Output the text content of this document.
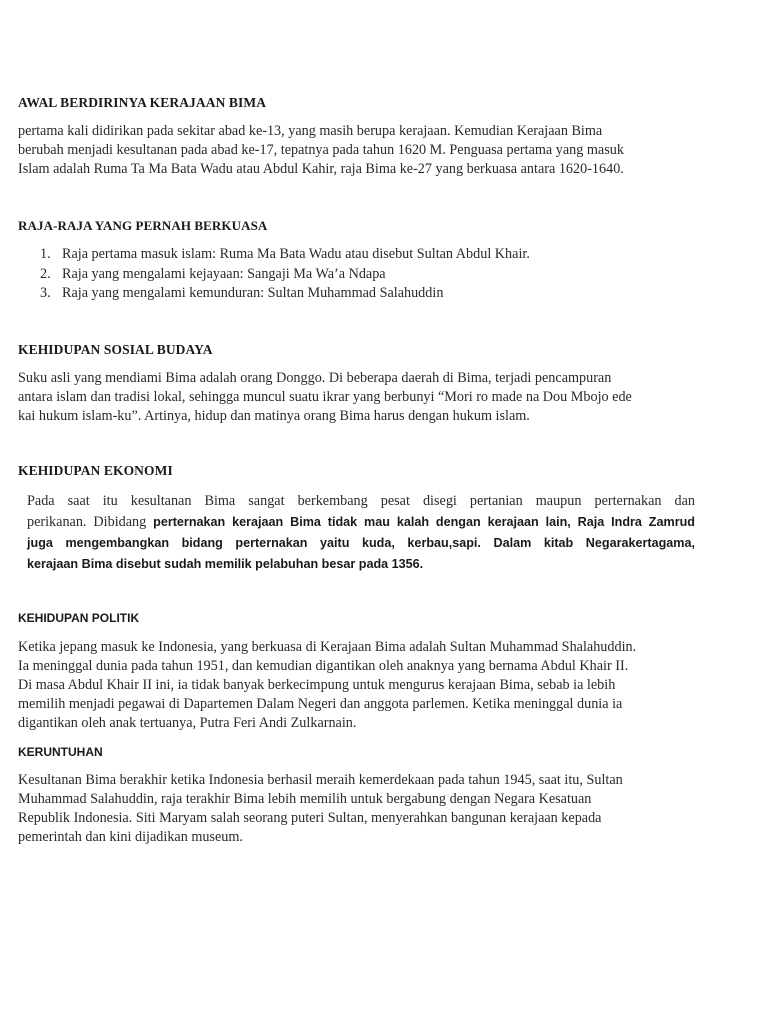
AWAL BERDIRINYA KERAJAAN BIMA

pertama kali didirikan pada sekitar abad ke-13, yang masih berupa kerajaan. Kemudian Kerajaan Bima
berubah menjadi kesultanan pada abad ke-17, tepatnya pada tahun 1620 M. Penguasa pertama yang masuk
Islam adalah Ruma Ta Ma Bata Wadu atau Abdul Kahir, raja Bima ke-27 yang berkuasa antara 1620-1640.

RAJA-RAJA YANG PERNAH BERKUASA
1. Raja pertama masuk islam: Ruma Ma Bata Wadu atau disebut Sultan Abdul Khair.
2. Raja yang mengalami kejayaan: Sangaji Ma Wa’a Ndapa
3. Raja yang mengalami kemunduran: Sultan Muhammad Salahuddin
KEHIDUPAN SOSIAL BUDAYA

Suku asli yang mendiami Bima adalah orang Donggo. Di beberapa daerah di Bima, terjadi pencampuran
antara islam dan tradisi lokal, sehingga muncul suatu ikrar yang berbunyi “Mori ro made na Dou Mbojo ede
kai hukum islam-ku”. Artinya, hidup dan matinya orang Bima harus dengan hukum islam.

KEHIDUPAN EKONOMI

Pada saat itu kesultanan Bima sangat berkembang pesat disegi pertanian maupun perternakan dan
perikanan. Dibidang perternakan kerajaan Bima tidak mau kalah dengan kerajaan lain, Raja Indra Zamrud
juga mengembangkan bidang perternakan yaitu kuda, kerbau,sapi. Dalam kitab Negarakertagama,
kerajaan Bima disebut sudah memilik pelabuhan besar pada 1356.

KEHIDUPAN POLITIK

Ketika jepang masuk ke Indonesia, yang berkuasa di Kerajaan Bima adalah Sultan Muhammad Shalahuddin.
Ia meninggal dunia pada tahun 1951, dan kemudian digantikan oleh anaknya yang bernama Abdul Khair II.
Di masa Abdul Khair II ini, ia tidak banyak berkecimpung untuk mengurus kerajaan Bima, sebab ia lebih
memilih menjadi pegawai di Dapartemen Dalam Negeri dan anggota parlemen. Ketika meninggal dunia ia
digantikan oleh anak tertuanya, Putra Feri Andi Zulkarnain.

KERUNTUHAN

Kesultanan Bima berakhir ketika Indonesia berhasil meraih kemerdekaan pada tahun 1945, saat itu, Sultan
Muhammad Salahuddin, raja terakhir Bima lebih memilih untuk bergabung dengan Negara Kesatuan
Republik Indonesia. Siti Maryam salah seorang puteri Sultan, menyerahkan bangunan kerajaan kepada
pemerintah dan kini dijadikan museum.
